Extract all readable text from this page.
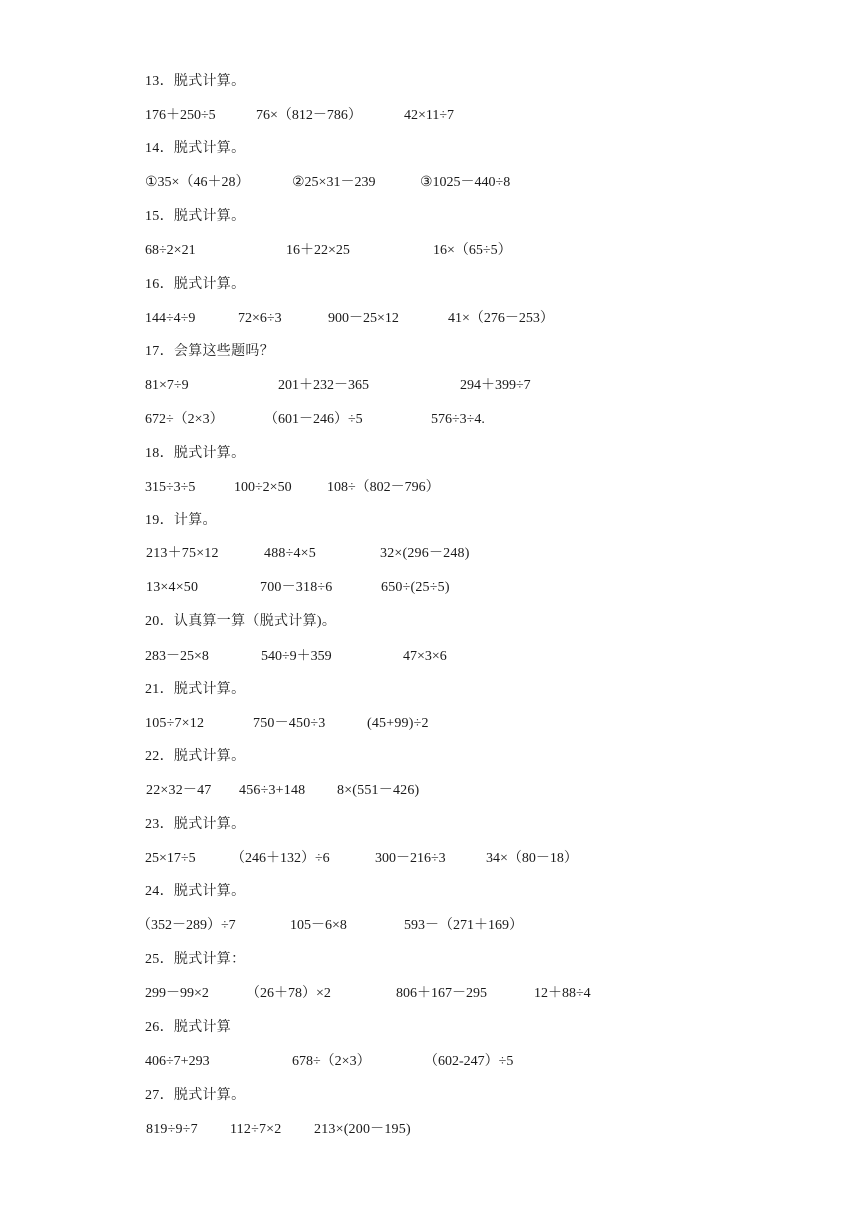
13．脱式计算。
176＋250÷5	76×（812－786）	42×11÷7
14．脱式计算。
①35×（46＋28）	②25×31－239	③1025－440÷8
15．脱式计算。
68÷2×21	16＋22×25	16×（65÷5）
16．脱式计算。
144÷4÷9	72×6÷3	900－25×12	41×（276－253）
17．会算这些题吗？
81×7÷9	201＋232－365	294＋399÷7
672÷（2×3）	（601－246）÷5	576÷3÷4.
18．脱式计算。
315÷3÷5	100÷2×50	108÷（802－796）
19．计算。
213＋75×12	488÷4×5	32×(296－248)
13×4×50	700－318÷6	650÷(25÷5)
20．认真算一算（脱式计算)。
283－25×8	540÷9＋359	47×3×6
21．脱式计算。
105÷7×12	750－450÷3	(45+99)÷2
22．脱式计算。
22×32－47 456÷3+148 8×(551－426)
23．脱式计算。
25×17÷5	（246＋132）÷6	300－216÷3	34×（80－18）
24．脱式计算。
（352－289）÷7	105－6×8	593－（271＋169）
25．脱式计算：
299－99×2	（26＋78）×2	806＋167－295	12＋88÷4
26．脱式计算
406÷7+293	678÷（2×3）	（602-247）÷5
27．脱式计算。
819÷9÷7 112÷7×2 213×(200－195)
